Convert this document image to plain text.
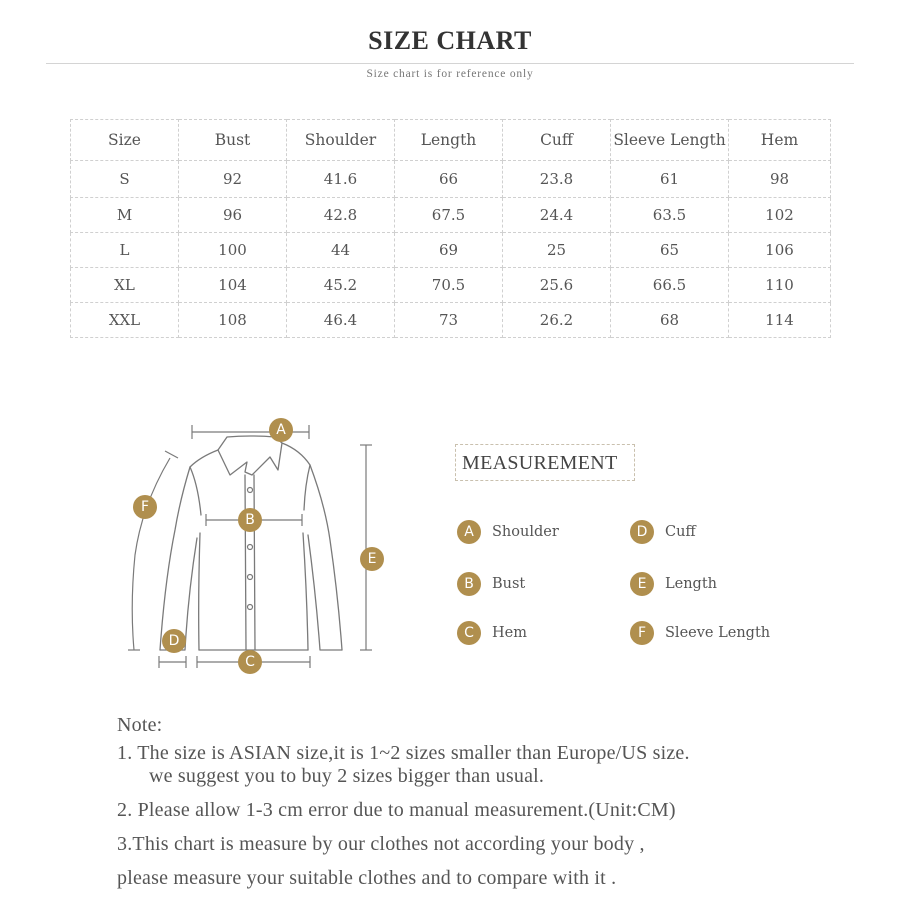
SIZE CHART
Size chart is for reference only
Size	Bust	Shoulder	Length	Cuff	Sleeve Length	Hem
S	92	41.6	66	23.8	61	98
M	96	42.8	67.5	24.4	63.5	102
L	100	44	69	25	65	106
XL	104	45.2	70.5	25.6	66.5	110
XXL	108	46.4	73	26.2	68	114
A
B
C
D
E
F
MEASUREMENT
A	Shoulder
B	Bust
C	Hem
D	Cuff
E	Length
F	Sleeve Length
Note:
1. The size is ASIAN size,it is 1~2 sizes smaller than Europe/US size.
we suggest you to buy 2 sizes bigger than usual.
2. Please allow 1-3 cm error due to manual measurement.(Unit:CM)
3.This chart is measure by our clothes not according your body ,
please measure your suitable clothes and to compare with it .
